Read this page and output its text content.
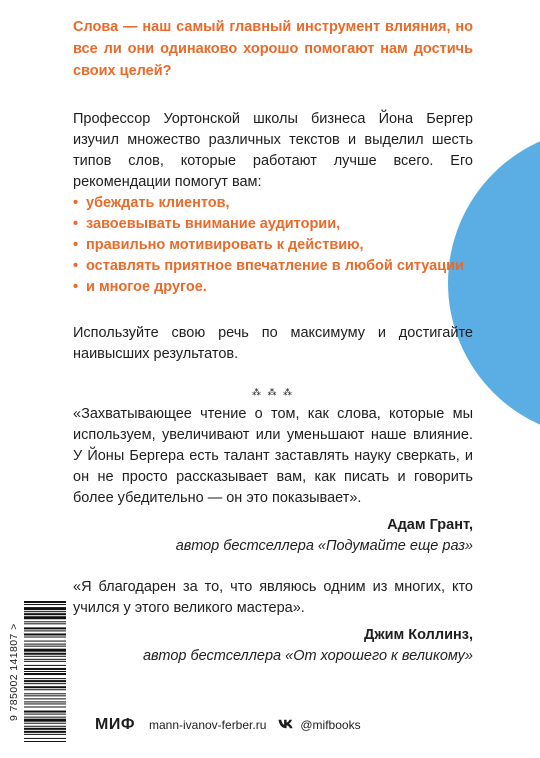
Слова — наш самый главный инструмент влияния, но все ли они одинаково хорошо помогают нам достичь своих целей?

Профессор Уортонской школы бизнеса Йона Бергер изучил множество различных текстов и выделил шесть типов слов, которые работают лучше всего. Его рекомендации помогут вам:

• убеждать клиентов,
• завоевывать внимание аудитории,
• правильно мотивировать к действию,
• оставлять приятное впечатление в любой ситуации
• и многое другое.

Используйте свою речь по максимуму и достигайте наивысших результатов.

⁂ ⁂ ⁂

«Захватывающее чтение о том, как слова, которые мы используем, увеличивают или уменьшают наше влияние. У Йоны Бергера есть талант заставлять науку сверкать, и он не просто рассказывает вам, как писать и говорить более убедительно — он это показывает».

Адам Грант,
автор бестселлера «Подумайте еще раз»

«Я благодарен за то, что являюсь одним из многих, кто учился у этого великого мастера».

Джим Коллинз,
автор бестселлера «От хорошего к великому»
9 785002 141807 >
МИФ mann-ivanov-ferber.ru	@mifbooks
